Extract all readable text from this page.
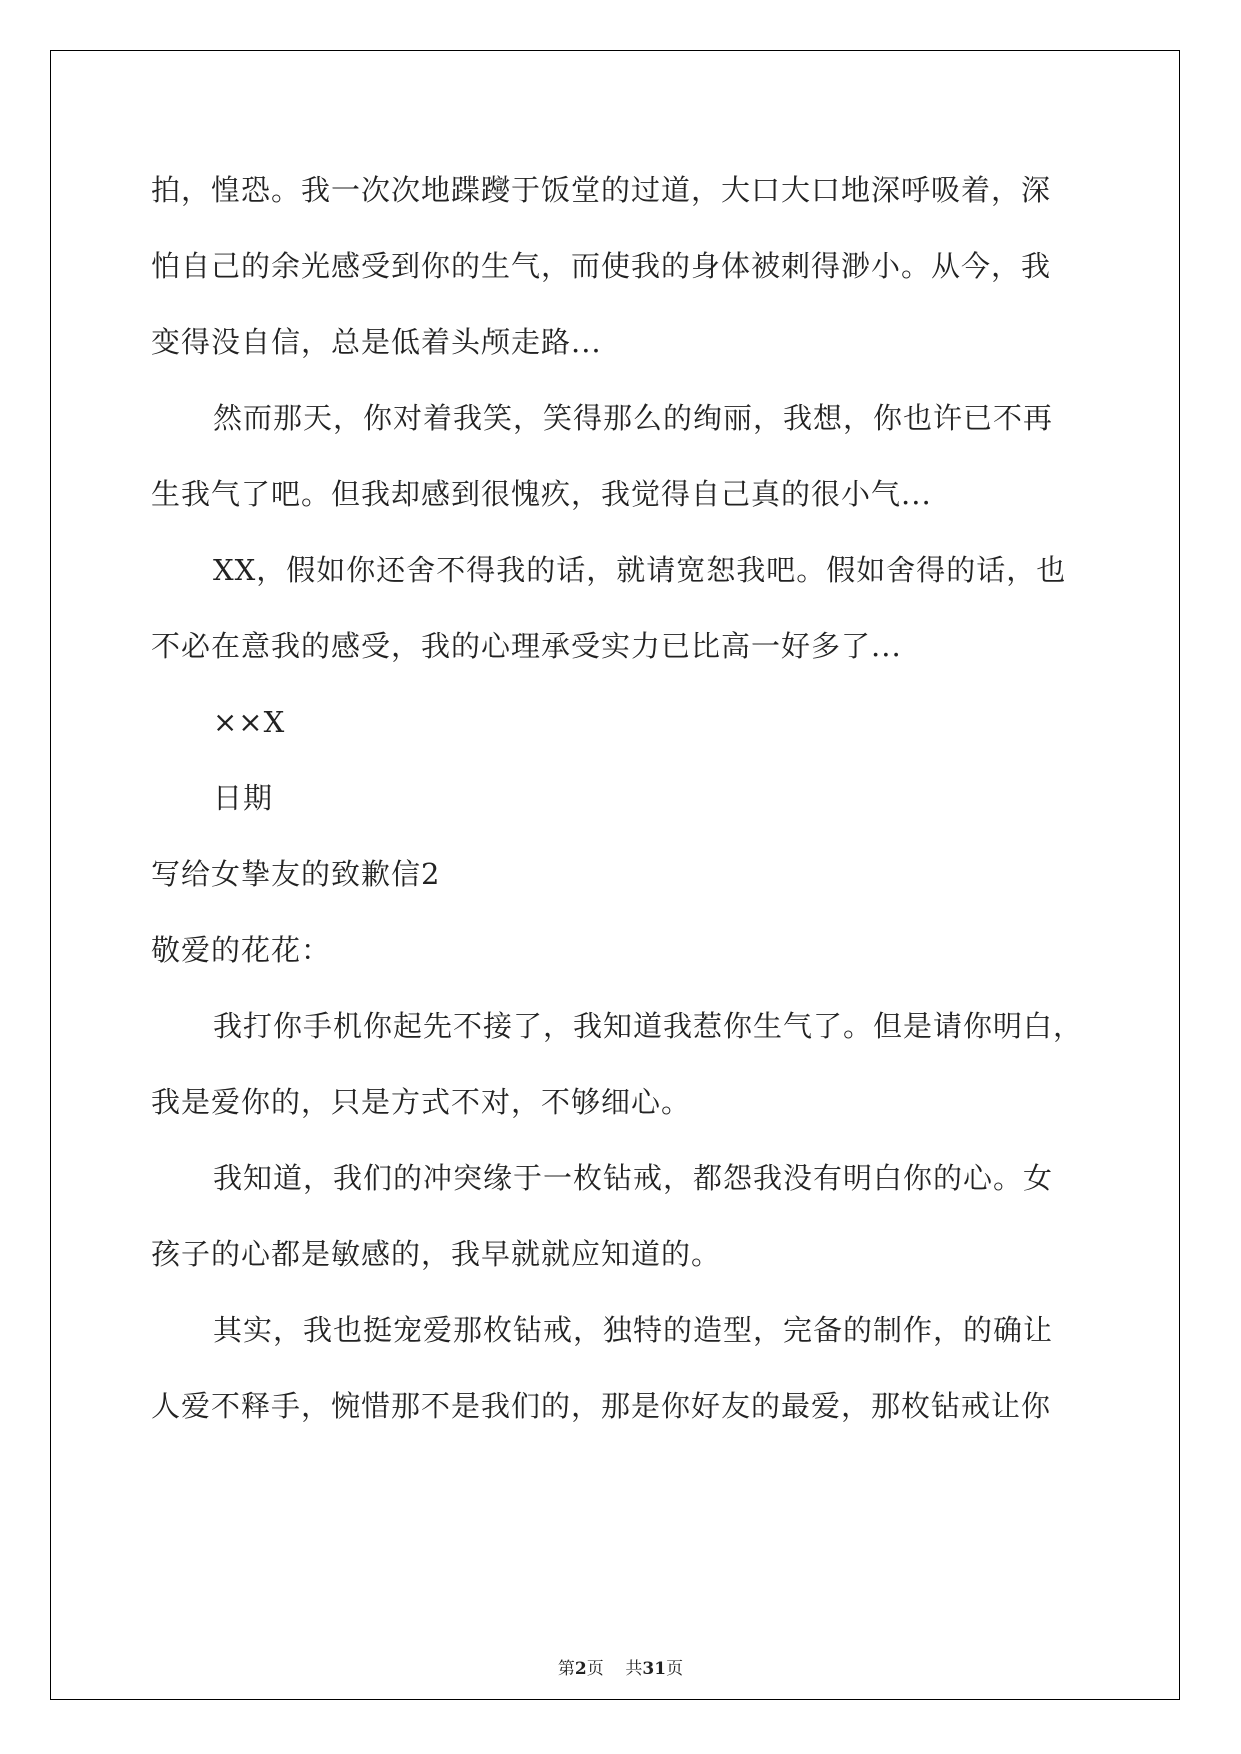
拍，惶恐。我一次次地蹀躞于饭堂的过道，大口大口地深呼吸着，深
怕自己的余光感受到你的生气，而使我的身体被刺得渺小。从今，我
变得没自信，总是低着头颅走路...
然而那天，你对着我笑，笑得那么的绚丽，我想，你也许已不再
生我气了吧。但我却感到很愧疚，我觉得自己真的很小气...
XX，假如你还舍不得我的话，就请宽恕我吧。假如舍得的话，也
不必在意我的感受，我的心理承受实力已比高一好多了...
××X
日期
写给女挚友的致歉信2
敬爱的花花：
我打你手机你起先不接了，我知道我惹你生气了。但是请你明白，
我是爱你的，只是方式不对，不够细心。
我知道，我们的冲突缘于一枚钻戒，都怨我没有明白你的心。女
孩子的心都是敏感的，我早就就应知道的。
其实，我也挺宠爱那枚钻戒，独特的造型，完备的制作，的确让
人爱不释手，惋惜那不是我们的，那是你好友的最爱，那枚钻戒让你
第2页 共31页
